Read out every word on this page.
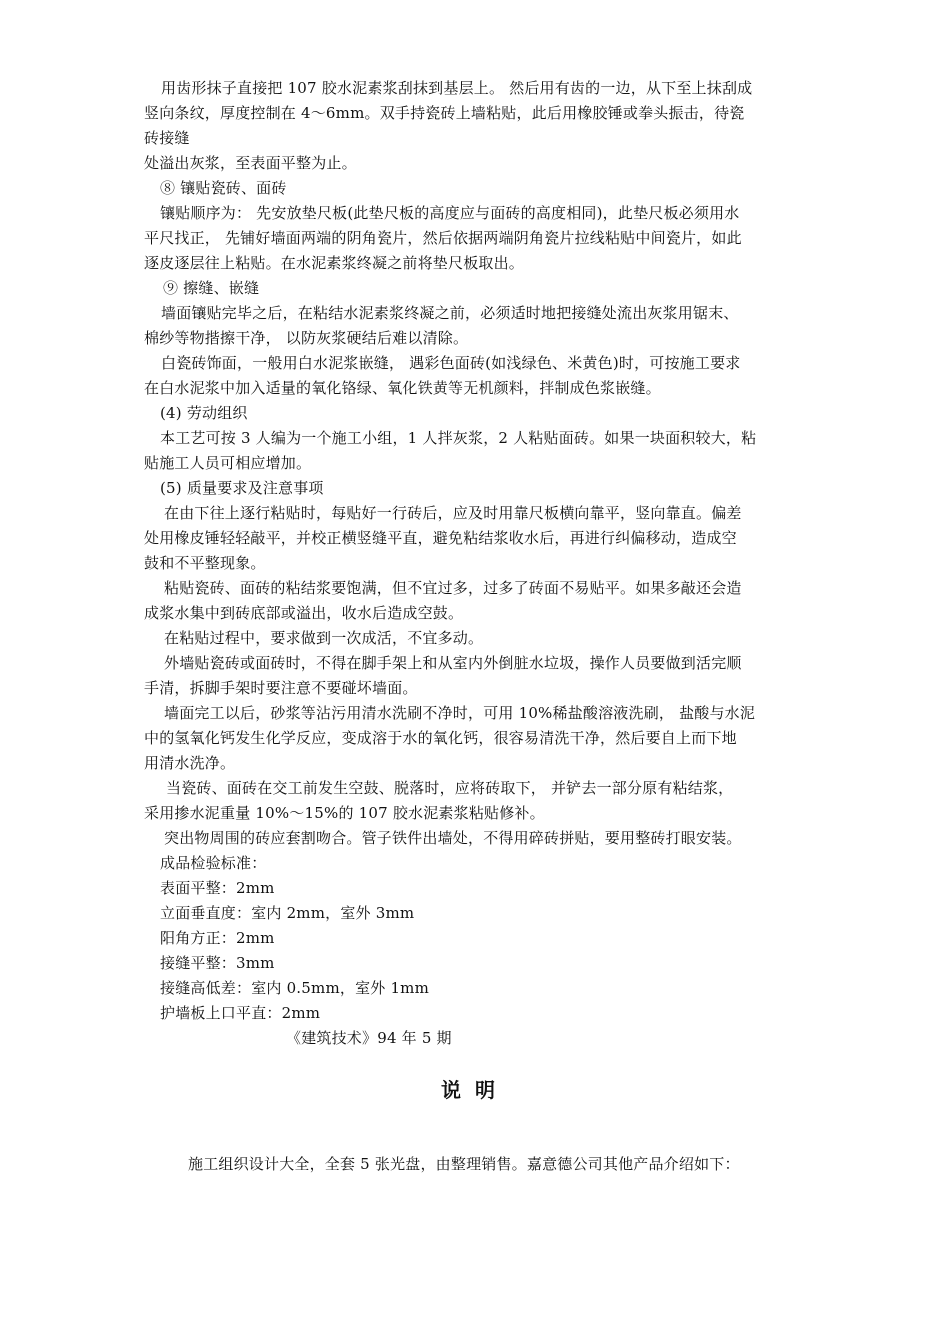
用齿形抹子直接把 107 胶水泥素浆刮抹到基层上。 然后用有齿的一边，从下至上抹刮成
竖向条纹，厚度控制在 4～6mm。双手持瓷砖上墙粘贴，此后用橡胶锤或拳头振击，待瓷
砖接缝
处溢出灰浆，至表面平整为止。
⑧ 镶贴瓷砖、面砖
镶贴顺序为： 先安放垫尺板(此垫尺板的高度应与面砖的高度相同)，此垫尺板必须用水
平尺找正， 先铺好墙面两端的阴角瓷片，然后依据两端阴角瓷片拉线粘贴中间瓷片，如此
逐皮逐层往上粘贴。在水泥素浆终凝之前将垫尺板取出。
⑨ 擦缝、嵌缝
墙面镶贴完毕之后，在粘结水泥素浆终凝之前，必须适时地把接缝处流出灰浆用锯末、
棉纱等物揩擦干净， 以防灰浆硬结后难以清除。
白瓷砖饰面，一般用白水泥浆嵌缝， 遇彩色面砖(如浅绿色、米黄色)时，可按施工要求
在白水泥浆中加入适量的氧化铬绿、氧化铁黄等无机颜料，拌制成色浆嵌缝。
(4) 劳动组织
本工艺可按 3 人编为一个施工小组，1 人拌灰浆，2 人粘贴面砖。如果一块面积较大，粘
贴施工人员可相应增加。
(5) 质量要求及注意事项
在由下往上逐行粘贴时，每贴好一行砖后，应及时用靠尺板横向靠平，竖向靠直。偏差
处用橡皮锤轻轻敲平，并校正横竖缝平直，避免粘结浆收水后，再进行纠偏移动，造成空
鼓和不平整现象。
粘贴瓷砖、面砖的粘结浆要饱满，但不宜过多，过多了砖面不易贴平。如果多敲还会造
成浆水集中到砖底部或溢出，收水后造成空鼓。
在粘贴过程中，要求做到一次成活，不宜多动。
外墙贴瓷砖或面砖时，不得在脚手架上和从室内外倒脏水垃圾，操作人员要做到活完顺
手清，拆脚手架时要注意不要碰坏墙面。
墙面完工以后，砂浆等沾污用清水洗刷不净时，可用 10%稀盐酸溶液洗刷， 盐酸与水泥
中的氢氧化钙发生化学反应，变成溶于水的氧化钙，很容易清洗干净，然后要自上而下地
用清水洗净。
当瓷砖、面砖在交工前发生空鼓、脱落时，应将砖取下， 并铲去一部分原有粘结浆，
采用掺水泥重量 10%～15%的 107 胶水泥素浆粘贴修补。
突出物周围的砖应套割吻合。管子铁件出墙处，不得用碎砖拼贴，要用整砖打眼安装。
成品检验标准：
表面平整：2mm
立面垂直度：室内 2mm，室外 3mm
阳角方正：2mm
接缝平整：3mm
接缝高低差：室内 0.5mm，室外 1mm
护墙板上口平直：2mm
《建筑技术》94 年 5 期
说明
施工组织设计大全，全套 5 张光盘，由整理销售。嘉意德公司其他产品介绍如下：
